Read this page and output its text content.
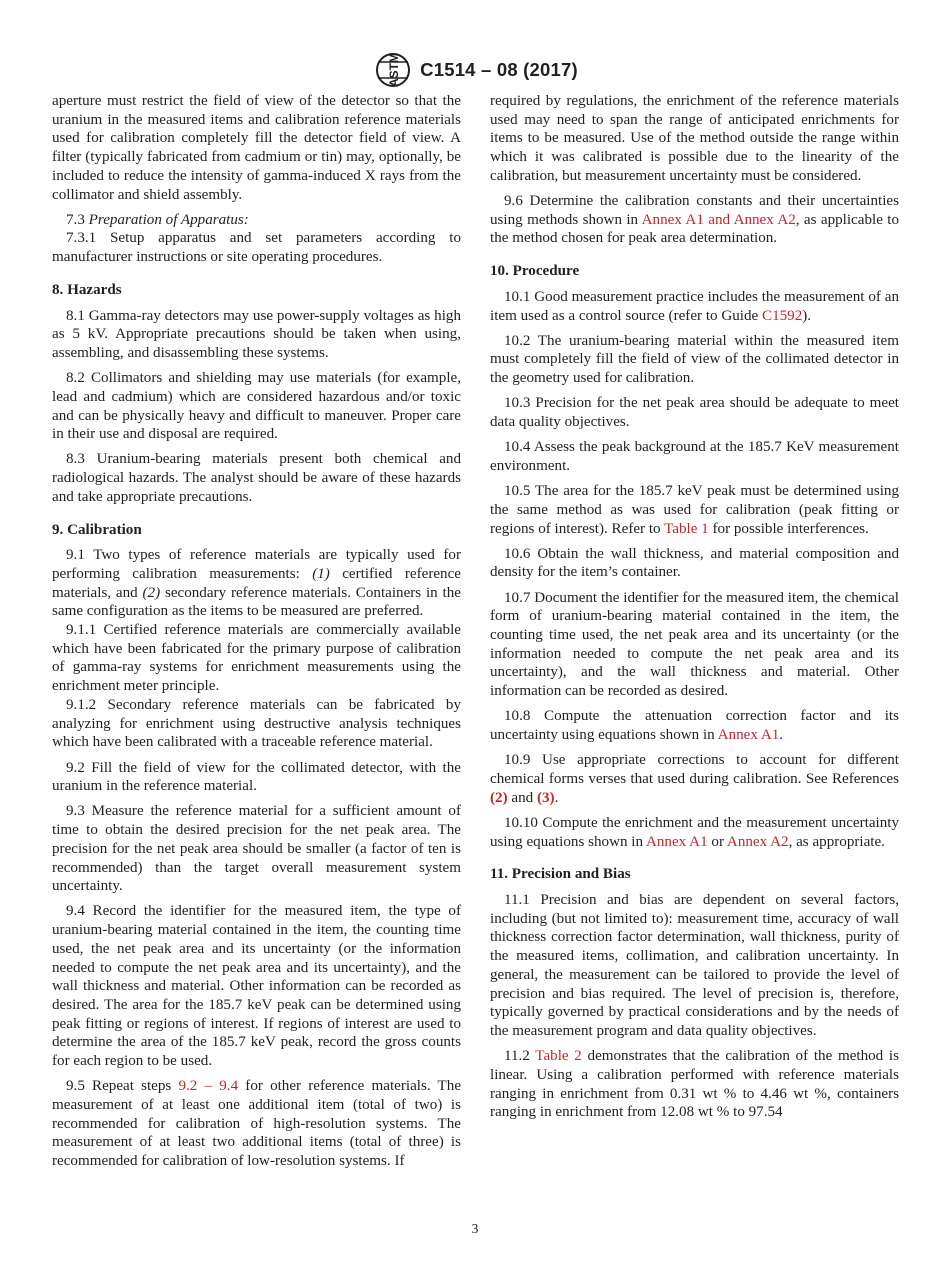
ASTM C1514 – 08 (2017)

aperture must restrict the field of view of the detector so that the uranium in the measured items and calibration reference materials used for calibration completely fill the detector field of view. A filter (typically fabricated from cadmium or tin) may, optionally, be included to reduce the intensity of gamma-induced X rays from the collimator and shield assembly.

7.3 Preparation of Apparatus:

7.3.1 Setup apparatus and set parameters according to manufacturer instructions or site operating procedures.

8. Hazards

8.1 Gamma-ray detectors may use power-supply voltages as high as 5 kV. Appropriate precautions should be taken when using, assembling, and disassembling these systems.

8.2 Collimators and shielding may use materials (for example, lead and cadmium) which are considered hazardous and/or toxic and can be physically heavy and difficult to maneuver. Proper care in their use and disposal are required.

8.3 Uranium-bearing materials present both chemical and radiological hazards. The analyst should be aware of these hazards and take appropriate precautions.

9. Calibration

9.1 Two types of reference materials are typically used for performing calibration measurements: (1) certified reference materials, and (2) secondary reference materials. Containers in the same configuration as the items to be measured are preferred.

9.1.1 Certified reference materials are commercially available which have been fabricated for the primary purpose of calibration of gamma-ray systems for enrichment measurements using the enrichment meter principle.

9.1.2 Secondary reference materials can be fabricated by analyzing for enrichment using destructive analysis techniques which have been calibrated with a traceable reference material.

9.2 Fill the field of view for the collimated detector, with the uranium in the reference material.

9.3 Measure the reference material for a sufficient amount of time to obtain the desired precision for the net peak area. The precision for the net peak area should be smaller (a factor of ten is recommended) than the target overall measurement system uncertainty.

9.4 Record the identifier for the measured item, the type of uranium-bearing material contained in the item, the counting time used, the net peak area and its uncertainty (or the information needed to compute the net peak area and its uncertainty), and the wall thickness and material. Other information can be recorded as desired. The area for the 185.7 keV peak can be determined using peak fitting or regions of interest. If regions of interest are used to determine the area of the 185.7 keV peak, record the gross counts for each region to be used.

9.5 Repeat steps 9.2 – 9.4 for other reference materials. The measurement of at least one additional item (total of two) is recommended for calibration of high-resolution systems. The measurement of at least two additional items (total of three) is recommended for calibration of low-resolution systems. If

required by regulations, the enrichment of the reference materials used may need to span the range of anticipated enrichments for items to be measured. Use of the method outside the range within which it was calibrated is possible due to the linearity of the calibration, but measurement uncertainty must be considered.

9.6 Determine the calibration constants and their uncertainties using methods shown in Annex A1 and Annex A2, as applicable to the method chosen for peak area determination.

10. Procedure

10.1 Good measurement practice includes the measurement of an item used as a control source (refer to Guide C1592).

10.2 The uranium-bearing material within the measured item must completely fill the field of view of the collimated detector in the geometry used for calibration.

10.3 Precision for the net peak area should be adequate to meet data quality objectives.

10.4 Assess the peak background at the 185.7 KeV measurement environment.

10.5 The area for the 185.7 keV peak must be determined using the same method as was used for calibration (peak fitting or regions of interest). Refer to Table 1 for possible interferences.

10.6 Obtain the wall thickness, and material composition and density for the item’s container.

10.7 Document the identifier for the measured item, the chemical form of uranium-bearing material contained in the item, the counting time used, the net peak area and its uncertainty (or the information needed to compute the net peak area and its uncertainty), and the wall thickness and material. Other information can be recorded as desired.

10.8 Compute the attenuation correction factor and its uncertainty using equations shown in Annex A1.

10.9 Use appropriate corrections to account for different chemical forms verses that used during calibration. See References (2) and (3).

10.10 Compute the enrichment and the measurement uncertainty using equations shown in Annex A1 or Annex A2, as appropriate.

11. Precision and Bias

11.1 Precision and bias are dependent on several factors, including (but not limited to): measurement time, accuracy of wall thickness correction factor determination, wall thickness, purity of the measured items, collimation, and calibration uncertainty. In general, the measurement can be tailored to provide the level of precision and bias required. The level of precision is, therefore, typically governed by practical considerations and by the needs of the measurement program and data quality objectives.

11.2 Table 2 demonstrates that the calibration of the method is linear. Using a calibration performed with reference materials ranging in enrichment from 0.31 wt % to 4.46 wt %, containers ranging in enrichment from 12.08 wt % to 97.54

3
